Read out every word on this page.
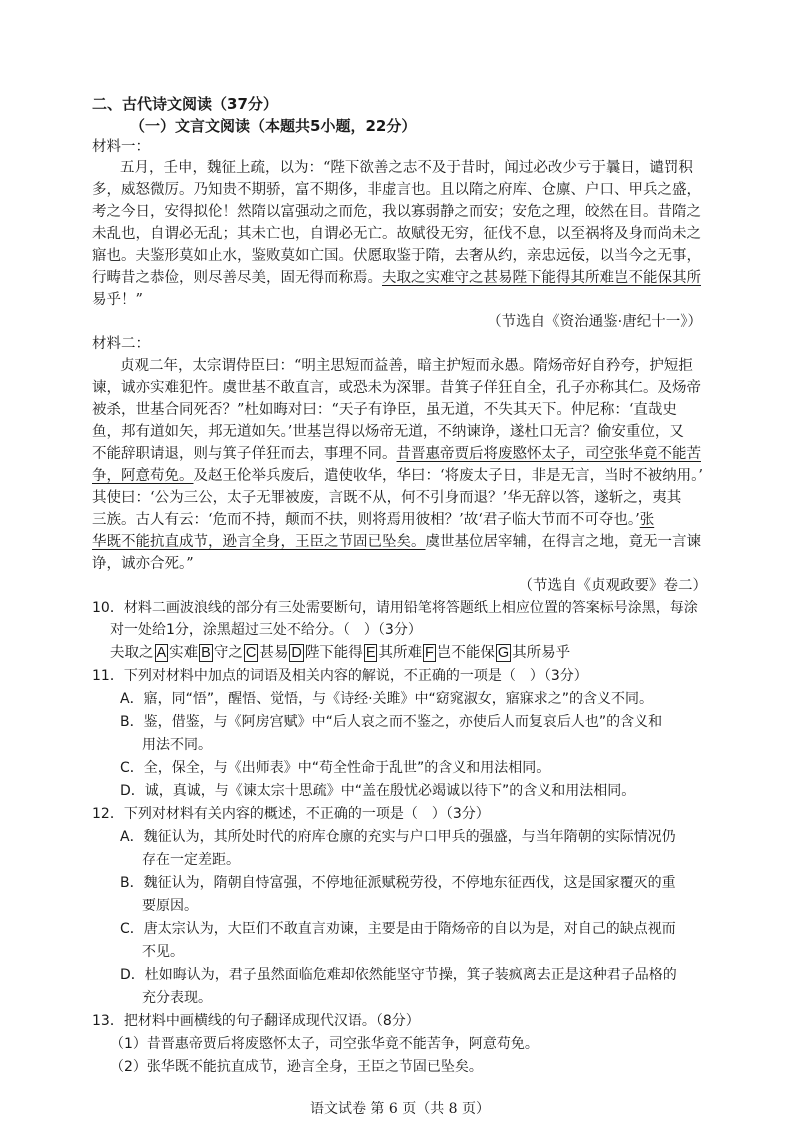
二、古代诗文阅读（37分）
（一）文言文阅读（本题共5小题，22分）
材料一：
五月，壬申，魏征上疏，以为：“陛下欲善之志不及于昔时，闻过必改少亏于曩日，谴罚积
多，威怒微厉。乃知贵不期骄，富不期侈，非虚言也。且以隋之府库、仓廪、户口、甲兵之盛，
考之今日，安得拟伦！然隋以富强动之而危，我以寡弱静之而安；安危之理，皎然在目。昔隋之
未乱也，自谓必无乱；其未亡也，自谓必无亡。故赋役无穷，征伐不息，以至祸将及身而尚未之
寤也。夫鉴形莫如止水，鉴败莫如亡国。伏愿取鉴于隋，去奢从约，亲忠远佞，以当今之无事，
行畴昔之恭俭，则尽善尽美，固无得而称焉。夫取之实难守之甚易陛下能得其所难岂不能保其所
易乎！”
（节选自《资治通鉴·唐纪十一》）
材料二：
贞观二年，太宗谓侍臣曰：“明主思短而益善，暗主护短而永愚。隋炀帝好自矜夸，护短拒
谏，诚亦实难犯忤。虞世基不敢直言，或恐未为深罪。昔箕子佯狂自全，孔子亦称其仁。及炀帝
被杀，世基合同死否？”杜如晦对曰：“天子有诤臣，虽无道，不失其天下。仲尼称：‘直哉史
鱼，邦有道如矢，邦无道如矢。’世基岂得以炀帝无道，不纳谏诤，遂杜口无言？偷安重位，又
不能辞职请退，则与箕子佯狂而去，事理不同。昔晋惠帝贾后将废愍怀太子，司空张华竟不能苦
争，阿意苟免。及赵王伦举兵废后，遣使收华，华曰：‘将废太子日，非是无言，当时不被纳用。’
其使曰：‘公为三公，太子无罪被废，言既不从，何不引身而退？’华无辞以答，遂斩之，夷其
三族。古人有云：‘危而不持，颠而不扶，则将焉用彼相？’故‘君子临大节而不可夺也。’张
华既不能抗直成节，逊言全身，王臣之节固已坠矣。虞世基位居宰辅，在得言之地，竟无一言谏
诤，诚亦合死。”
（节选自《贞观政要》卷二）
10．材料二画波浪线的部分有三处需要断句，请用铅笔将答题纸上相应位置的答案标号涂黑，每涂
对一处给1分，涂黑超过三处不给分。（　）（3分）
夫取之 A 实难 B 守之 C 甚易 D 陛下能得 E 其所难 F 岂不能保 G 其所易乎
11．下列对材料中加点的词语及相关内容的解说，不正确的一项是（　）（3分）
A．寤，同“悟”，醒悟、觉悟，与《诗经·关雎》中“窈窕淑女，寤寐求之”的含义不同。
B．鉴，借鉴，与《阿房宫赋》中“后人哀之而不鉴之，亦使后人而复哀后人也”的含义和
用法不同。
C．全，保全，与《出师表》中“苟全性命于乱世”的含义和用法相同。
D．诚，真诚，与《谏太宗十思疏》中“盖在殷忧必竭诚以待下”的含义和用法相同。
12．下列对材料有关内容的概述，不正确的一项是（　）（3分）
A．魏征认为，其所处时代的府库仓廪的充实与户口甲兵的强盛，与当年隋朝的实际情况仍
存在一定差距。
B．魏征认为，隋朝自恃富强，不停地征派赋税劳役，不停地东征西伐，这是国家覆灭的重
要原因。
C．唐太宗认为，大臣们不敢直言劝谏，主要是由于隋炀帝的自以为是，对自己的缺点视而
不见。
D．杜如晦认为，君子虽然面临危难却依然能坚守节操，箕子装疯离去正是这种君子品格的
充分表现。
13．把材料中画横线的句子翻译成现代汉语。（8分）
（1）昔晋惠帝贾后将废愍怀太子，司空张华竟不能苦争，阿意苟免。
（2）张华既不能抗直成节，逊言全身，王臣之节固已坠矣。
语文试卷 第 6 页（共 8 页）
